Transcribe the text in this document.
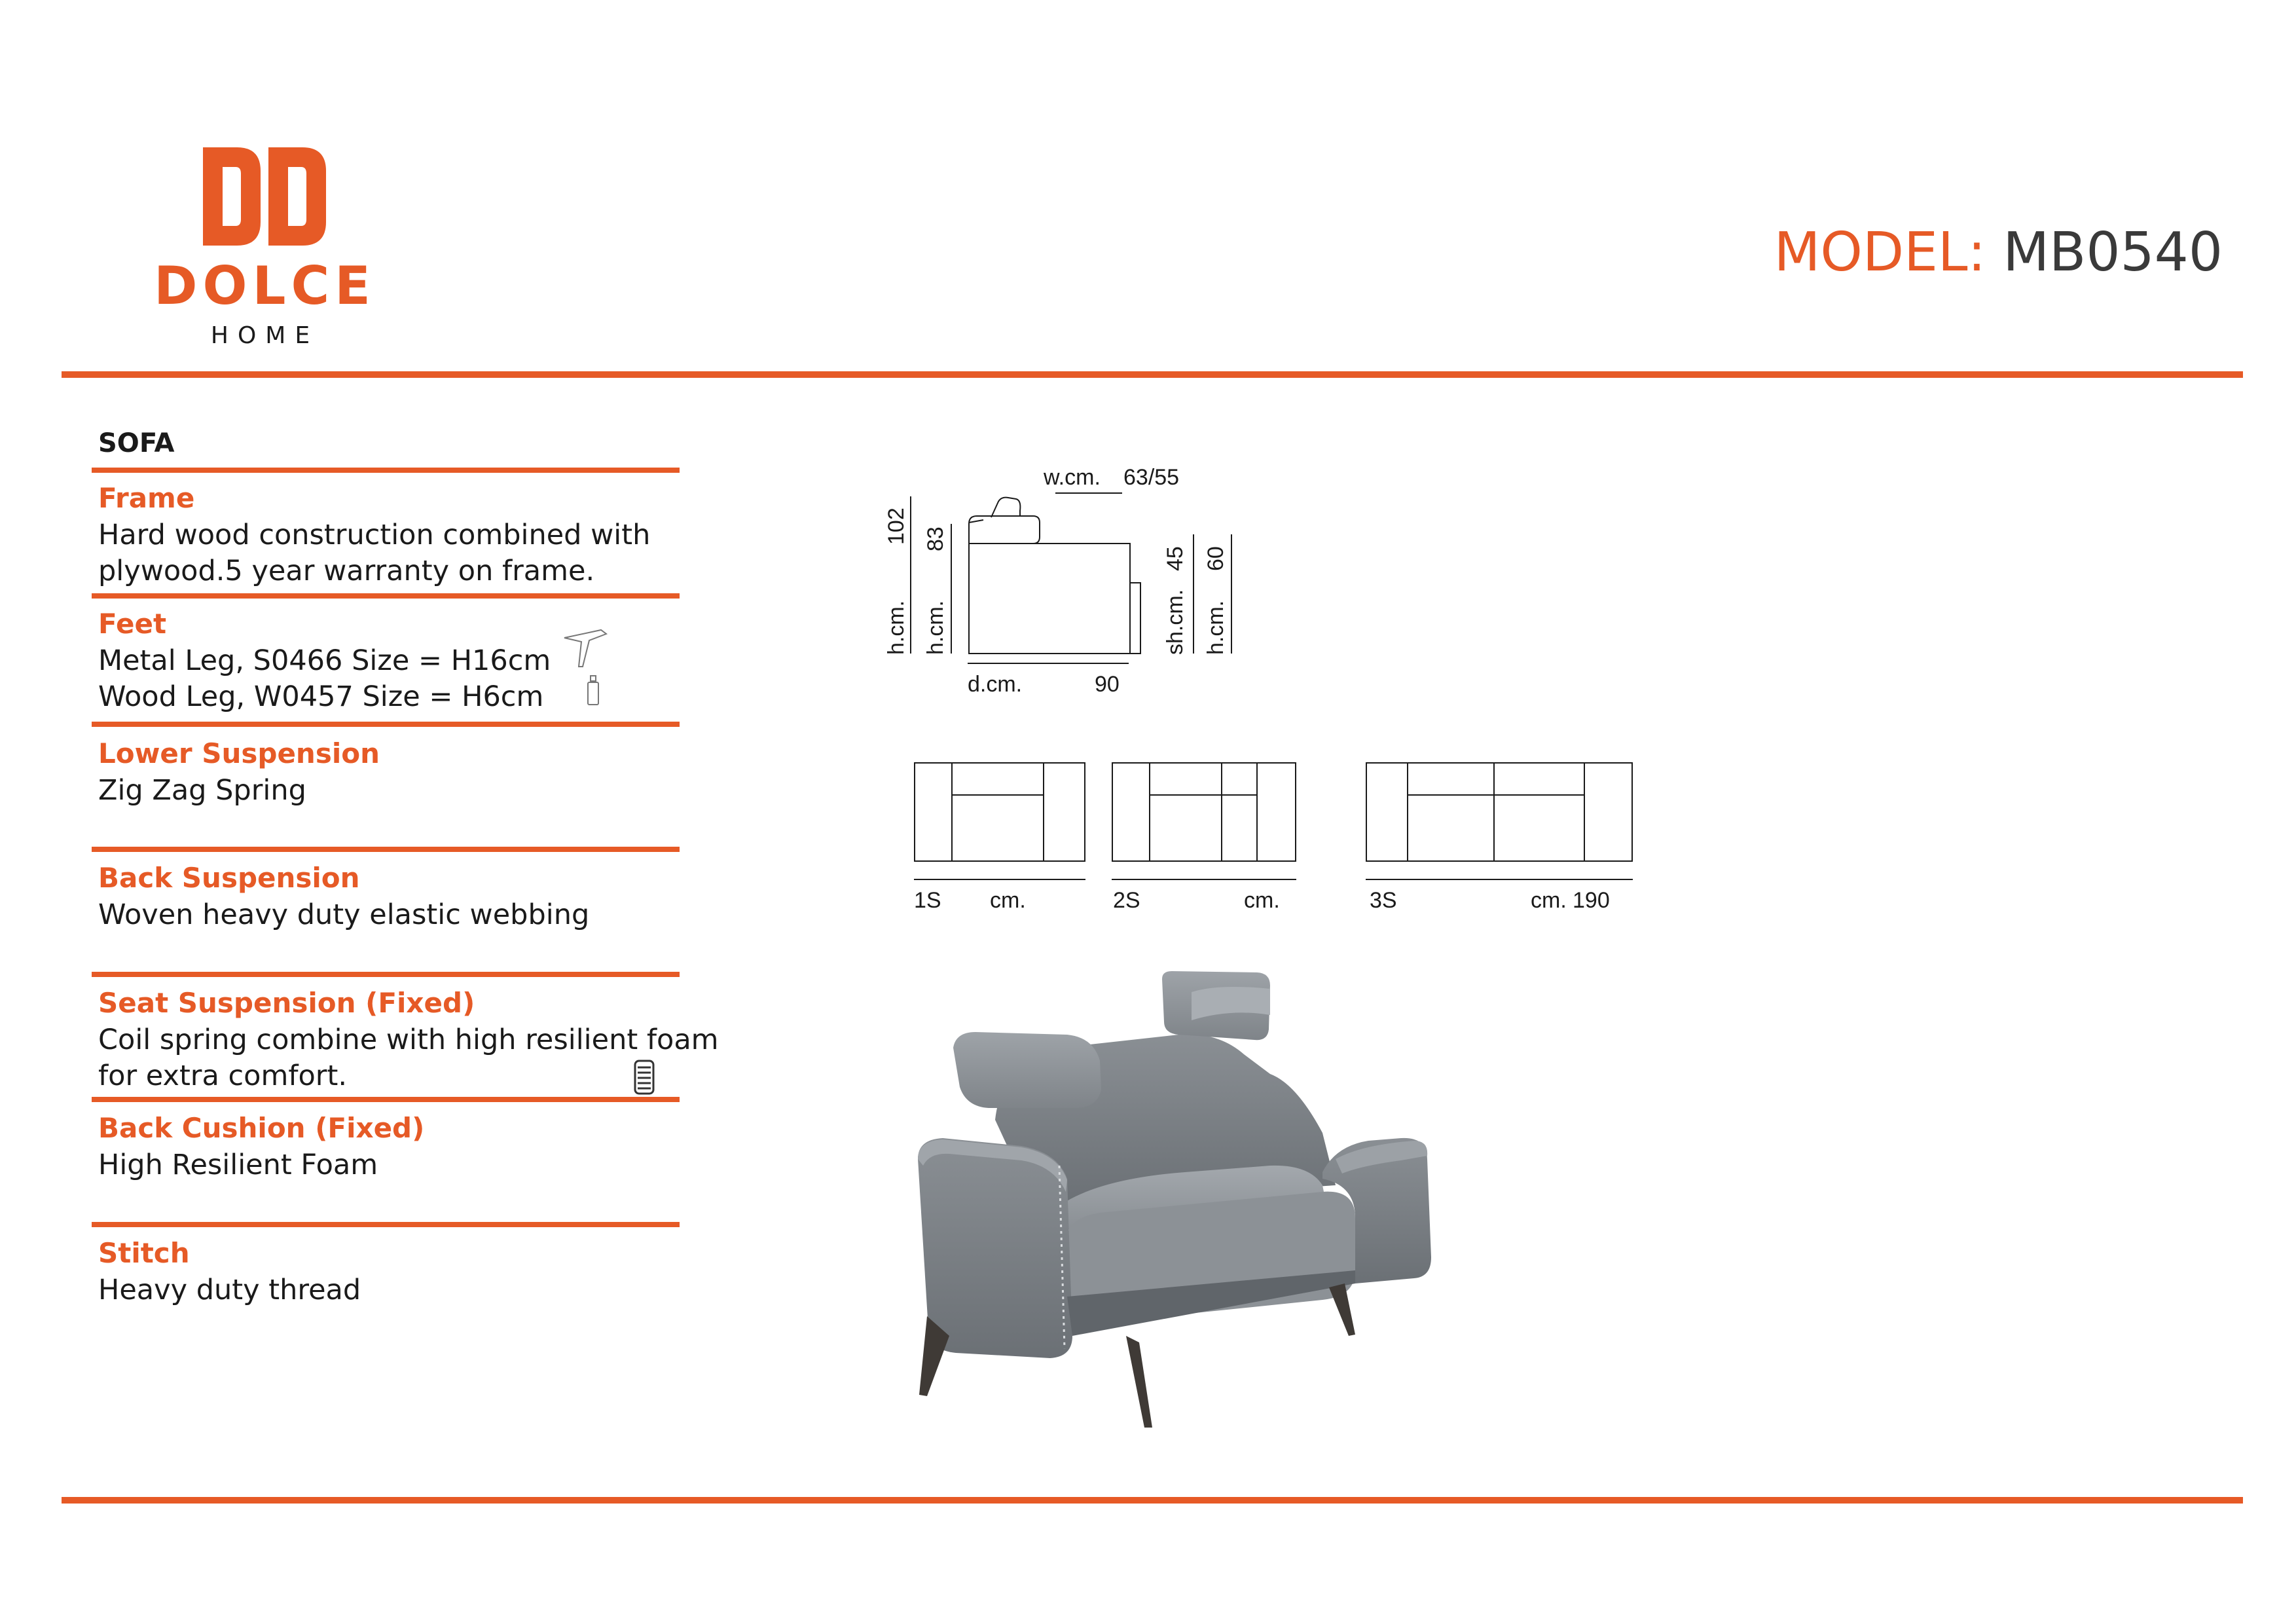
DOLCE
HOME
MODEL: MB0540
SOFA
Frame
Hard wood construction combined with
plywood.5 year warranty on frame.
Feet
Metal Leg, S0466 Size = H16cm
Wood Leg, W0457 Size = H6cm
Lower Suspension
Zig Zag Spring
Back Suspension
Woven heavy duty elastic webbing
Seat Suspension (Fixed)
Coil spring combine with high resilient foam
for extra comfort.
Back Cushion (Fixed)
High Resilient Foam
Stitch
Heavy duty thread
w.cm. 63/55
h.cm.
102
h.cm.
83
sh.cm.
45
h.cm.
60
d.cm.	90
1S cm.	2S	cm.	3S	cm. 190
